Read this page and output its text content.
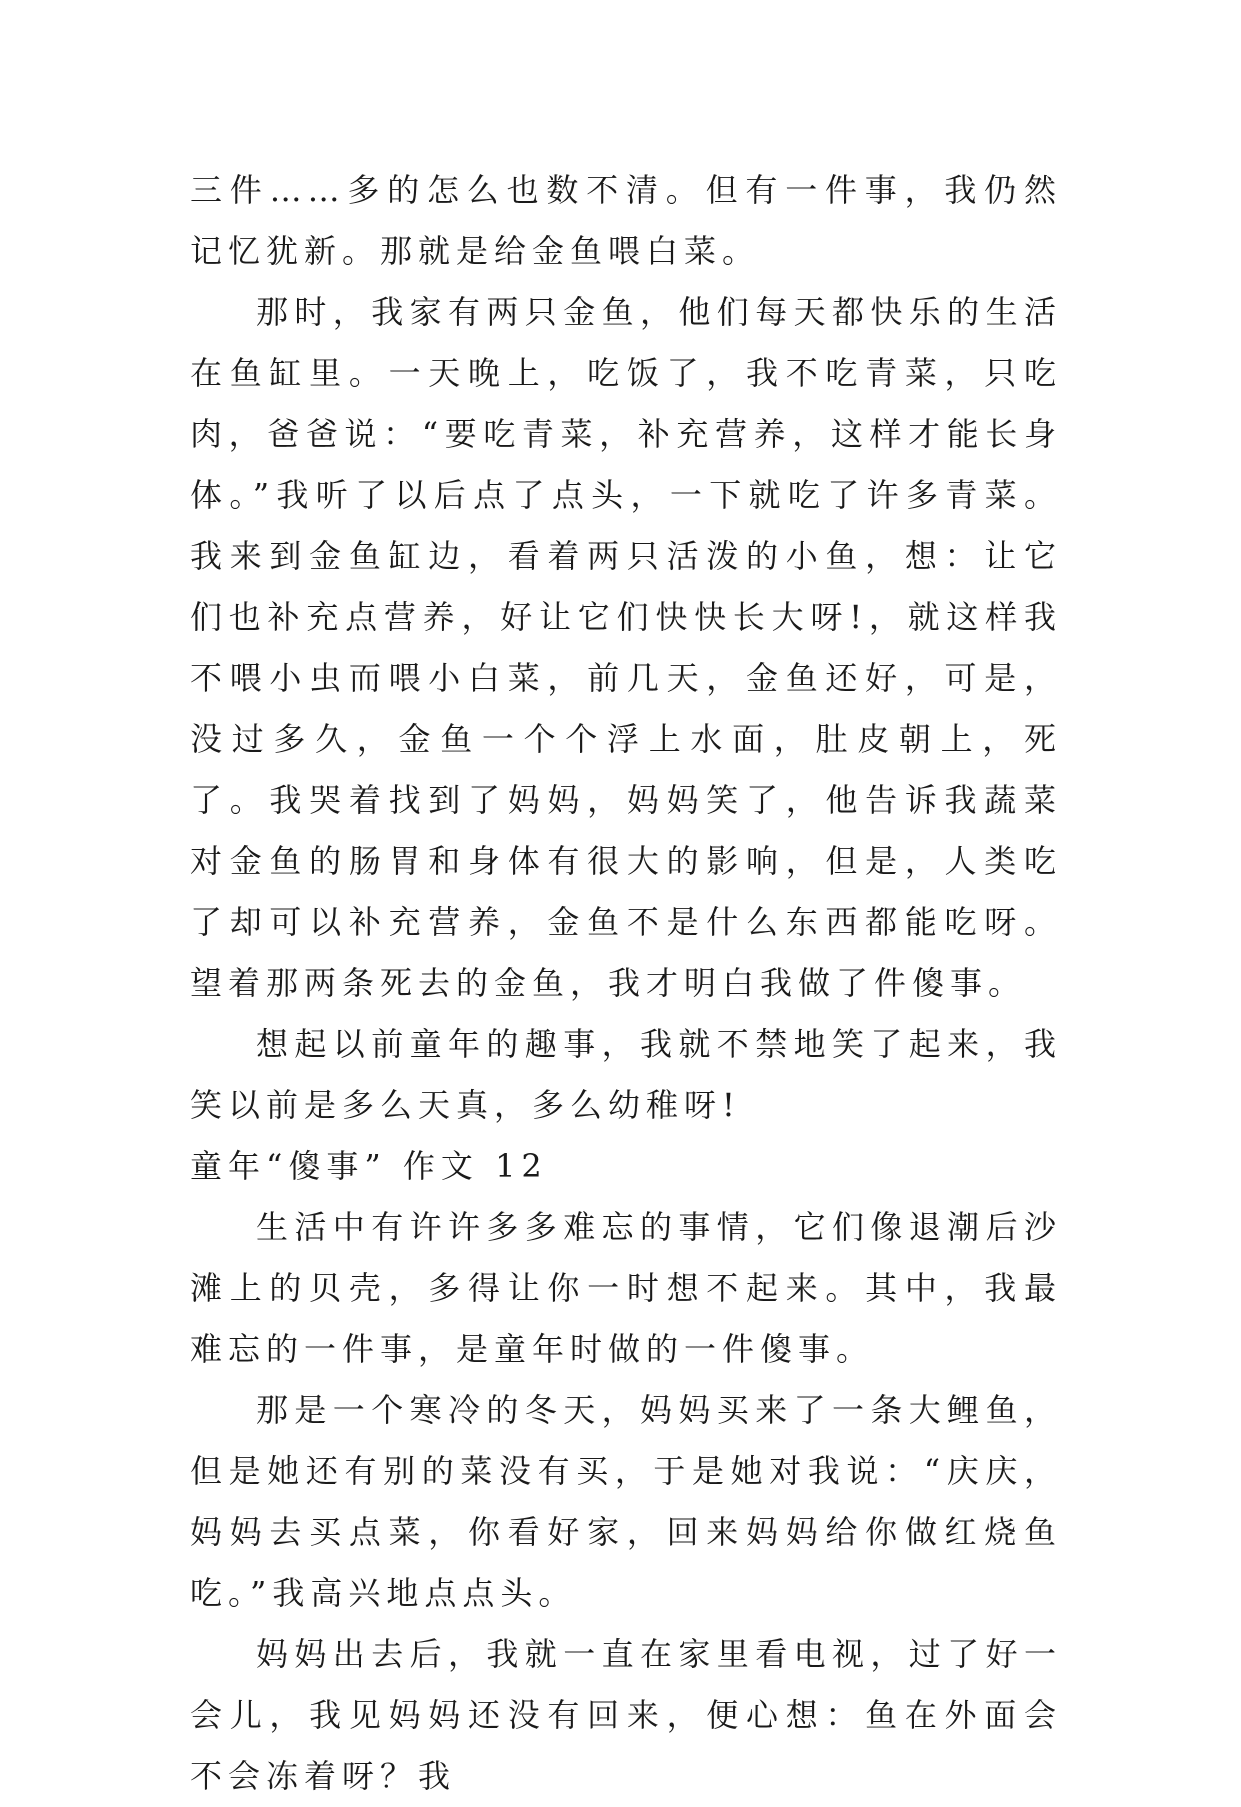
三件……多的怎么也数不清。但有一件事，我仍然记忆犹新。那就是给金鱼喂白菜。

那时，我家有两只金鱼，他们每天都快乐的生活在鱼缸里。一天晚上，吃饭了，我不吃青菜，只吃肉，爸爸说：“要吃青菜，补充营养，这样才能长身体。”我听了以后点了点头，一下就吃了许多青菜。我来到金鱼缸边，看着两只活泼的小鱼，想：让它们也补充点营养，好让它们快快长大呀!，就这样我不喂小虫而喂小白菜，前几天，金鱼还好，可是，没过多久，金鱼一个个浮上水面，肚皮朝上，死了。我哭着找到了妈妈，妈妈笑了，他告诉我蔬菜对金鱼的肠胃和身体有很大的影响，但是，人类吃了却可以补充营养，金鱼不是什么东西都能吃呀。望着那两条死去的金鱼，我才明白我做了件傻事。

想起以前童年的趣事，我就不禁地笑了起来，我笑以前是多么天真，多么幼稚呀!

童年“傻事” 作文 12

生活中有许许多多难忘的事情，它们像退潮后沙滩上的贝壳，多得让你一时想不起来。其中，我最难忘的一件事，是童年时做的一件傻事。

那是一个寒冷的冬天，妈妈买来了一条大鲤鱼，但是她还有别的菜没有买，于是她对我说：“庆庆，妈妈去买点菜，你看好家，回来妈妈给你做红烧鱼吃。”我高兴地点点头。

妈妈出去后，我就一直在家里看电视，过了好一会儿，我见妈妈还没有回来，便心想：鱼在外面会不会冻着呀？我
